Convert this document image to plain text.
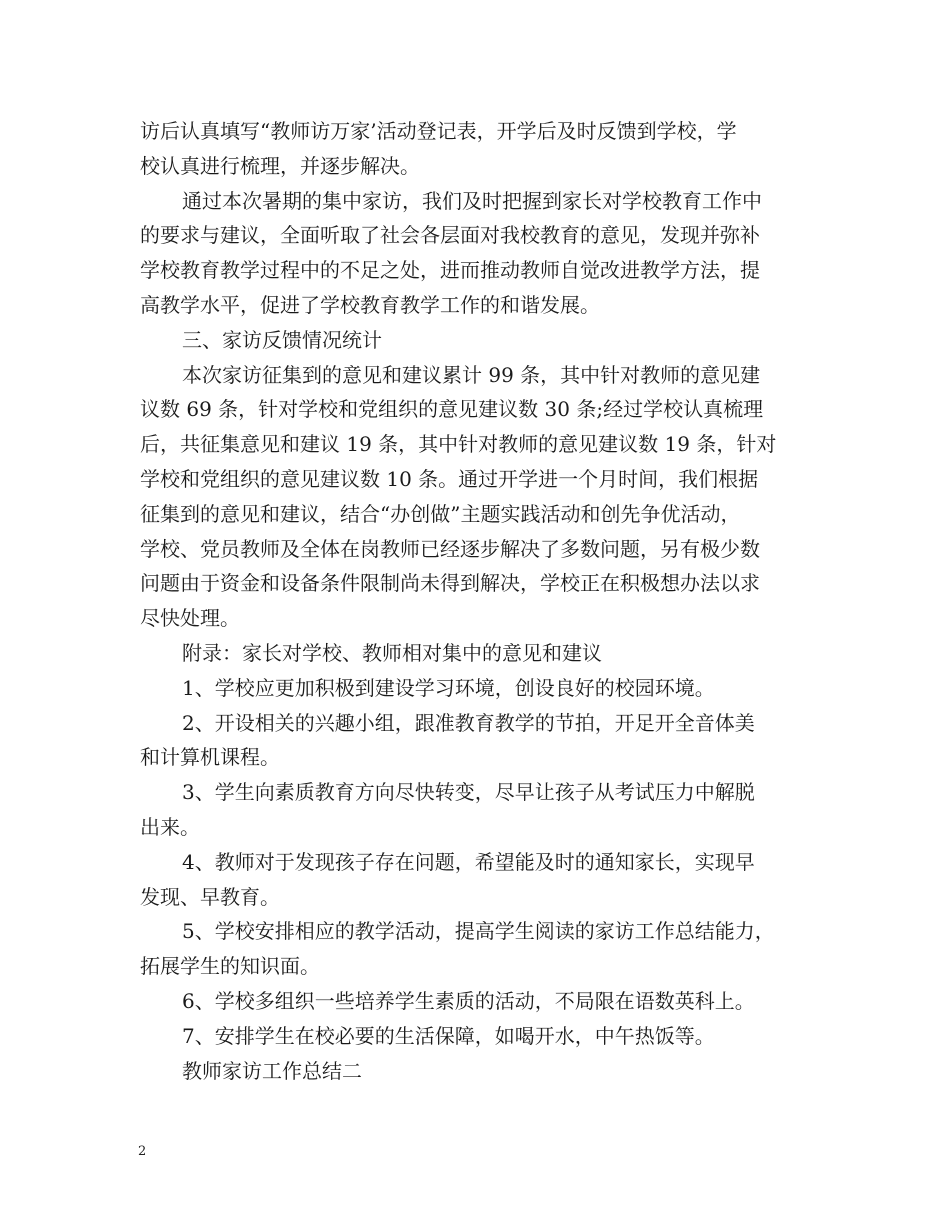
访后认真填写“教师访万家’活动登记表，开学后及时反馈到学校，学
校认真进行梳理，并逐步解决。
通过本次暑期的集中家访，我们及时把握到家长对学校教育工作中
的要求与建议，全面听取了社会各层面对我校教育的意见，发现并弥补
学校教育教学过程中的不足之处，进而推动教师自觉改进教学方法，提
高教学水平，促进了学校教育教学工作的和谐发展。
三、家访反馈情况统计
本次家访征集到的意见和建议累计 99 条，其中针对教师的意见建
议数 69 条，针对学校和党组织的意见建议数 30 条;经过学校认真梳理
后，共征集意见和建议 19 条，其中针对教师的意见建议数 19 条，针对
学校和党组织的意见建议数 10 条。通过开学进一个月时间，我们根据
征集到的意见和建议，结合“办创做”主题实践活动和创先争优活动，
学校、党员教师及全体在岗教师已经逐步解决了多数问题，另有极少数
问题由于资金和设备条件限制尚未得到解决，学校正在积极想办法以求
尽快处理。
附录：家长对学校、教师相对集中的意见和建议
1、学校应更加积极到建设学习环境，创设良好的校园环境。
2、开设相关的兴趣小组，跟准教育教学的节拍，开足开全音体美
和计算机课程。
3、学生向素质教育方向尽快转变，尽早让孩子从考试压力中解脱
出来。
4、教师对于发现孩子存在问题，希望能及时的通知家长，实现早
发现、早教育。
5、学校安排相应的教学活动，提高学生阅读的家访工作总结能力，
拓展学生的知识面。
6、学校多组织一些培养学生素质的活动，不局限在语数英科上。
7、安排学生在校必要的生活保障，如喝开水，中午热饭等。
教师家访工作总结二
2
